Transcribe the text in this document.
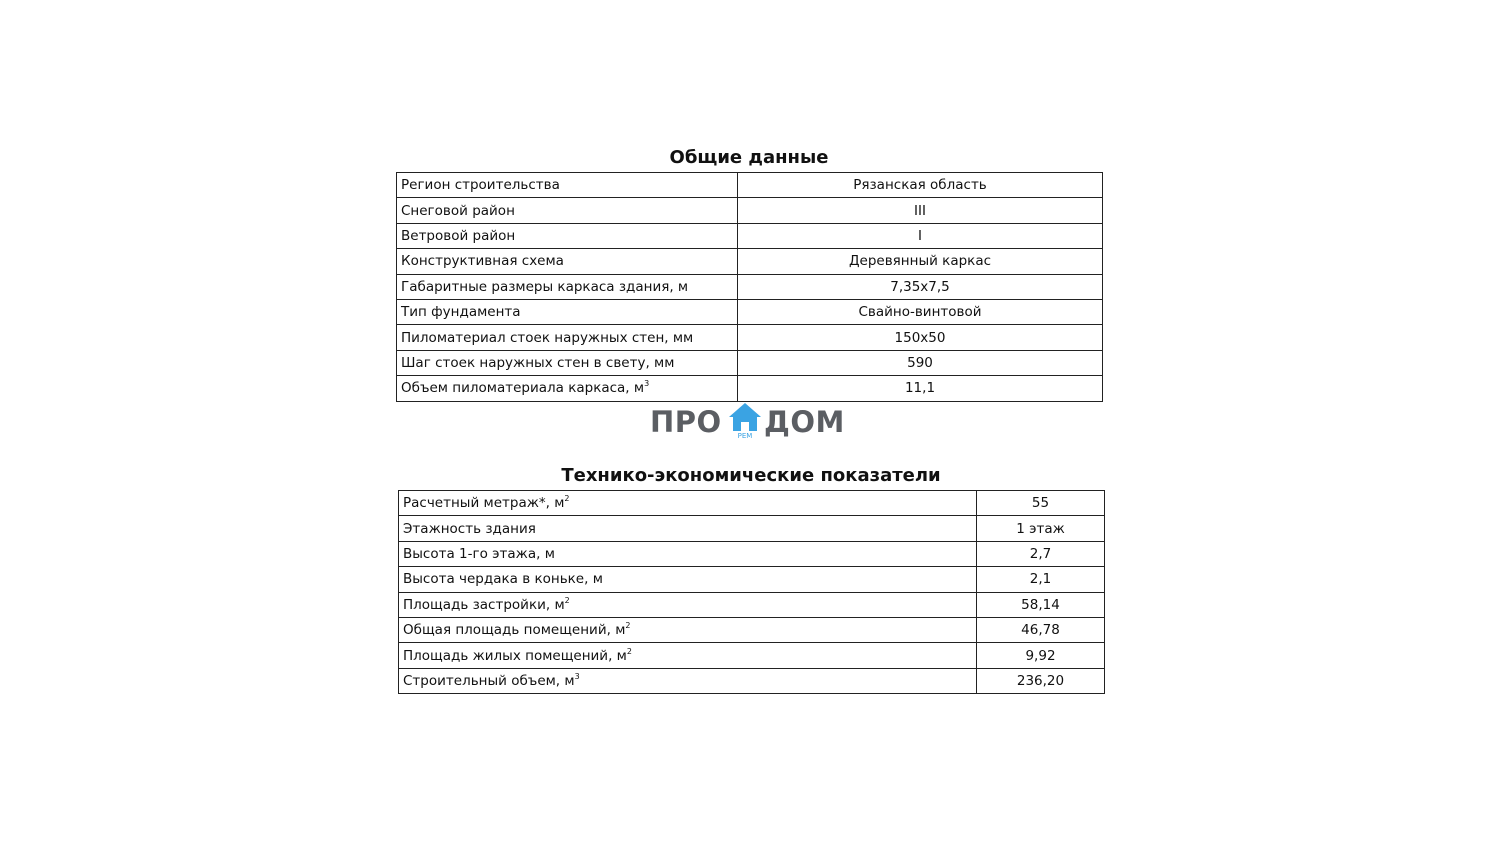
Общие данные
Регион строительства	Рязанская область
Снеговой район	III
Ветровой район	I
Конструктивная схема	Деревянный каркас
Габаритные размеры каркаса здания, м	7,35х7,5
Тип фундамента	Свайно-винтовой
Пиломатериал стоек наружных стен, мм	150х50
Шаг стоек наружных стен в свету, мм	590
Объем пиломатериала каркаса, $м^3$	11,1
ПРО	РЕМ ДОМ
Технико-экономические показатели
Расчетный метраж*, $м^2$	55
Этажность здания	1 этаж
Высота 1-го этажа, м	2,7
Высота чердака в коньке, м	2,1
Площадь застройки, $м^2$	58,14
Общая площадь помещений, $м^2$	46,78
Площадь жилых помещений, $м^2$	9,92
Строительный объем, $м^3$	236,20
